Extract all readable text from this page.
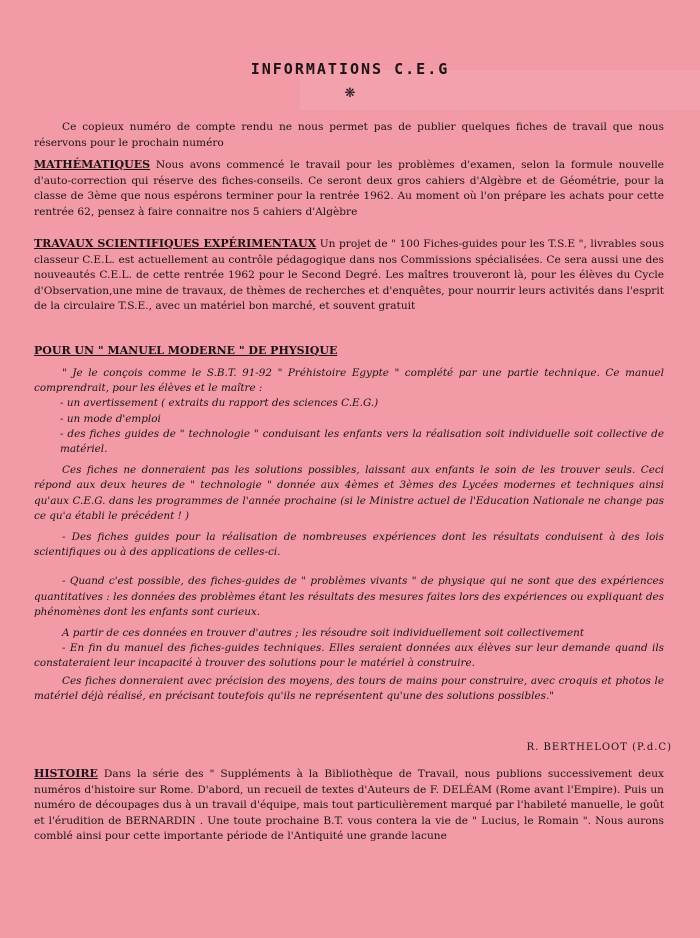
INFORMATIONS C.E.G
❋

Ce copieux numéro de compte rendu ne nous permet pas de publier quelques fiches de travail que nous réservons pour le prochain numéro

MATHÉMATIQUES Nous avons commencé le travail pour les problèmes d'examen, selon la formule nouvelle d'auto-correction qui réserve des fiches-conseils. Ce seront deux gros cahiers d'Algèbre et de Géométrie, pour la classe de 3ème que nous espérons terminer pour la rentrée 1962. Au moment où l'on prépare les achats pour cette rentrée 62, pensez à faire connaitre nos 5 cahiers d'Algèbre

TRAVAUX SCIENTIFIQUES EXPÉRIMENTAUX Un projet de " 100 Fiches-guides pour les T.S.E ", livrables sous classeur C.E.L. est actuellement au contrôle pédagogique dans nos Commissions spécialisées. Ce sera aussi une des nouveautés C.E.L. de cette rentrée 1962 pour le Second Degré. Les maîtres trouveront là, pour les élèves du Cycle d'Observation,une mine de travaux, de thèmes de recherches et d'enquêtes, pour nourrir leurs activités dans l'esprit de la circulaire T.S.E., avec un matériel bon marché, et souvent gratuit

POUR UN " MANUEL MODERNE " DE PHYSIQUE

" Je le conçois comme le S.B.T. 91-92 " Préhistoire Egypte " complété par une partie technique. Ce manuel comprendrait, pour les élèves et le maître :

- un avertissement ( extraits du rapport des sciences C.E.G.)

- un mode d'emploi

- des fiches guides de " technologie " conduisant les enfants vers la réalisation soit individuelle soit collective de matériel.

Ces fiches ne donneraient pas les solutions possibles, laissant aux enfants le soin de les trouver seuls. Ceci répond aux deux heures de " technologie " donnée aux 4èmes et 3èmes des Lycées modernes et techniques ainsi qu'aux C.E.G. dans les programmes de l'année prochaine (si le Ministre actuel de l'Education Nationale ne change pas ce qu'a établi le précédent ! )

- Des fiches guides pour la réalisation de nombreuses expériences dont les résultats conduisent à des lois scientifiques ou à des applications de celles-ci.

- Quand c'est possible, des fiches-guides de " problèmes vivants " de physique qui ne sont que des expériences quantitatives : les données des problèmes étant les résultats des mesures faites lors des expériences ou expliquant des phénomènes dont les enfants sont curieux.

A partir de ces données en trouver d'autres ; les résoudre soit individuellement soit collectivement

- En fin du manuel des fiches-guides techniques. Elles seraient données aux élèves sur leur demande quand ils constateraient leur incapacité à trouver des solutions pour le matériel à construire.

Ces fiches donneraient avec précision des moyens, des tours de mains pour construire, avec croquis et photos le matériel déjà réalisé, en précisant toutefois qu'ils ne représentent qu'une des solutions possibles."

R. BERTHELOOT (P.d.C)

HISTOIRE Dans la série des " Suppléments à la Bibliothèque de Travail, nous publions successivement deux numéros d'histoire sur Rome. D'abord, un recueil de textes d'Auteurs de F. DELÉAM (Rome avant l'Empire). Puis un numéro de découpages dus à un travail d'équipe, mais tout particulièrement marqué par l'habileté manuelle, le goût et l'érudition de BERNARDIN . Une toute prochaine B.T. vous contera la vie de " Lucius, le Romain ". Nous aurons comblé ainsi pour cette importante période de l'Antiquité une grande lacune
